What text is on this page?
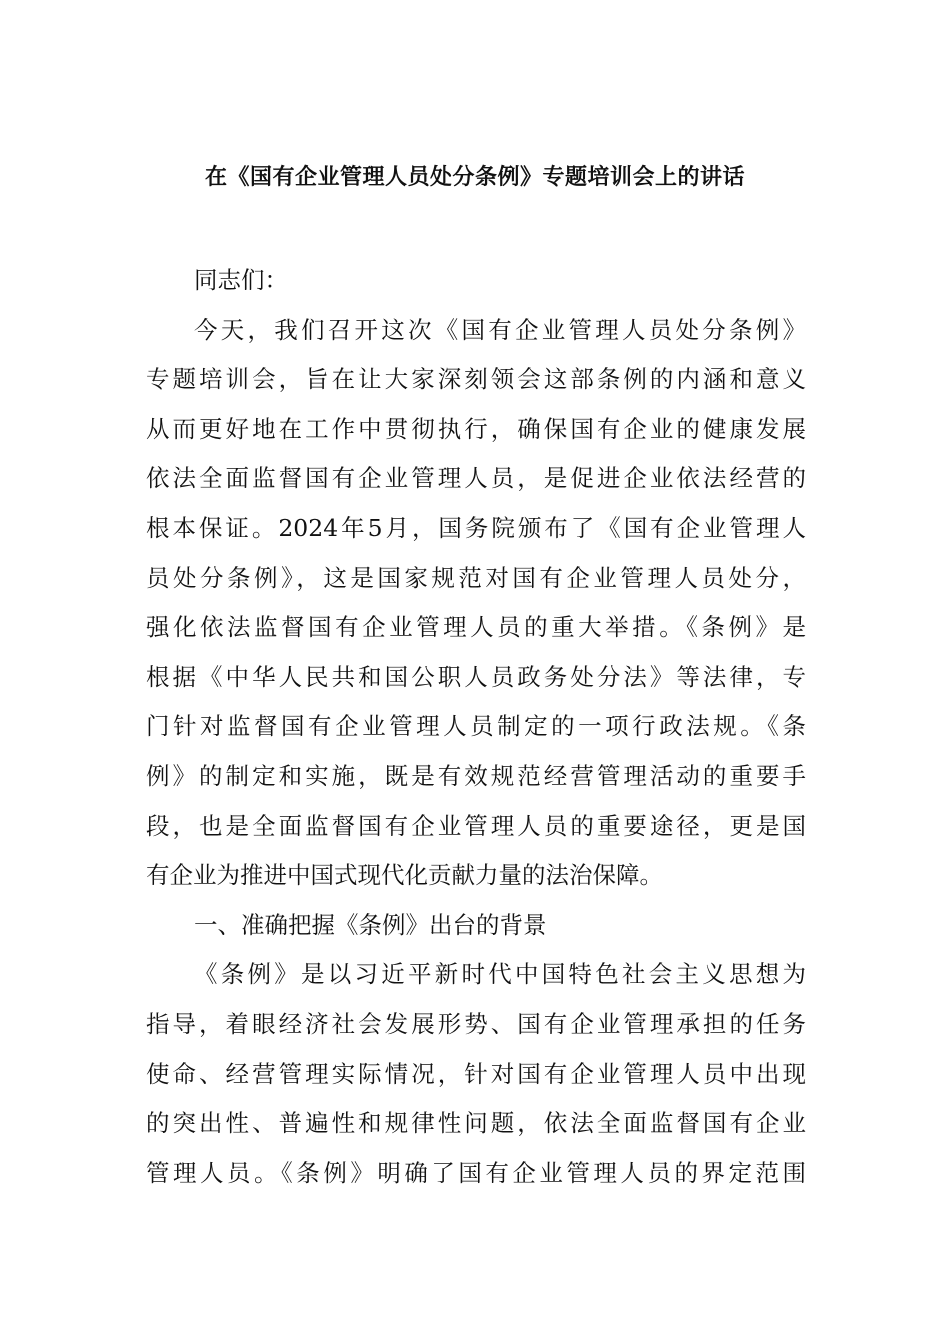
在《国有企业管理人员处分条例》专题培训会上的讲话
同志们：
今天，我们召开这次《国有企业管理人员处分条例》
专题培训会，旨在让大家深刻领会这部条例的内涵和意义
从而更好地在工作中贯彻执行，确保国有企业的健康发展
依法全面监督国有企业管理人员，是促进企业依法经营的
根本保证。2024年5月，国务院颁布了《国有企业管理人
员处分条例》，这是国家规范对国有企业管理人员处分，
强化依法监督国有企业管理人员的重大举措。《条例》是
根据《中华人民共和国公职人员政务处分法》等法律，专
门针对监督国有企业管理人员制定的一项行政法规。《条
例》的制定和实施，既是有效规范经营管理活动的重要手
段，也是全面监督国有企业管理人员的重要途径，更是国
有企业为推进中国式现代化贡献力量的法治保障。
一、准确把握《条例》出台的背景
《条例》是以习近平新时代中国特色社会主义思想为
指导，着眼经济社会发展形势、国有企业管理承担的任务
使命、经营管理实际情况，针对国有企业管理人员中出现
的突出性、普遍性和规律性问题，依法全面监督国有企业
管理人员。《条例》明确了国有企业管理人员的界定范围
